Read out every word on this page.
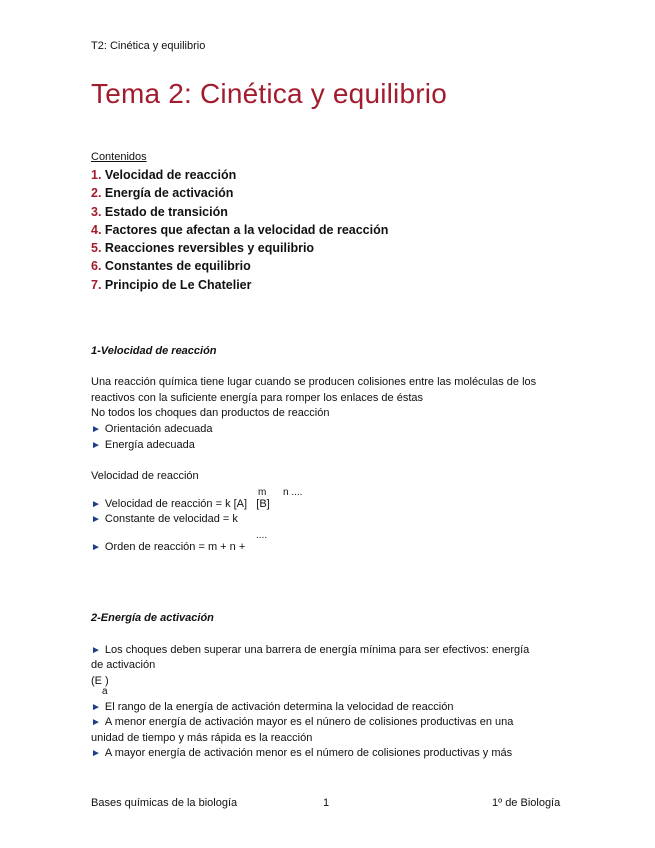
T2: Cinética y equilibrio
Tema 2: Cinética y equilibrio
Contenidos
1. Velocidad de reacción
2. Energía de activación
3. Estado de transición
4. Factores que afectan a la velocidad de reacción
5. Reacciones reversibles y equilibrio
6. Constantes de equilibrio
7. Principio de Le Chatelier
1-Velocidad de reacción
Una reacción química tiene lugar cuando se producen colisiones entre las moléculas de los
reactivos con la suficiente energía para romper los enlaces de éstas
No todos los choques dan productos de reacción
► Orientación adecuada
► Energía adecuada
Velocidad de reacción
m n ....
► Velocidad de reacción = k [A] [B]
► Constante de velocidad = k
....
► Orden de reacción = m + n +
2-Energía de activación
► Los choques deben superar una barrera de energía mínima para ser efectivos: energía
de activación
(E )
a
► El rango de la energía de activación determina la velocidad de reacción
► A menor energía de activación mayor es el núnero de colisiones productivas en una
unidad de tiempo y más rápida es la reacción
► A mayor energía de activación menor es el número de colisiones productivas y más
Bases químicas de la biología	1	1º de Biología
